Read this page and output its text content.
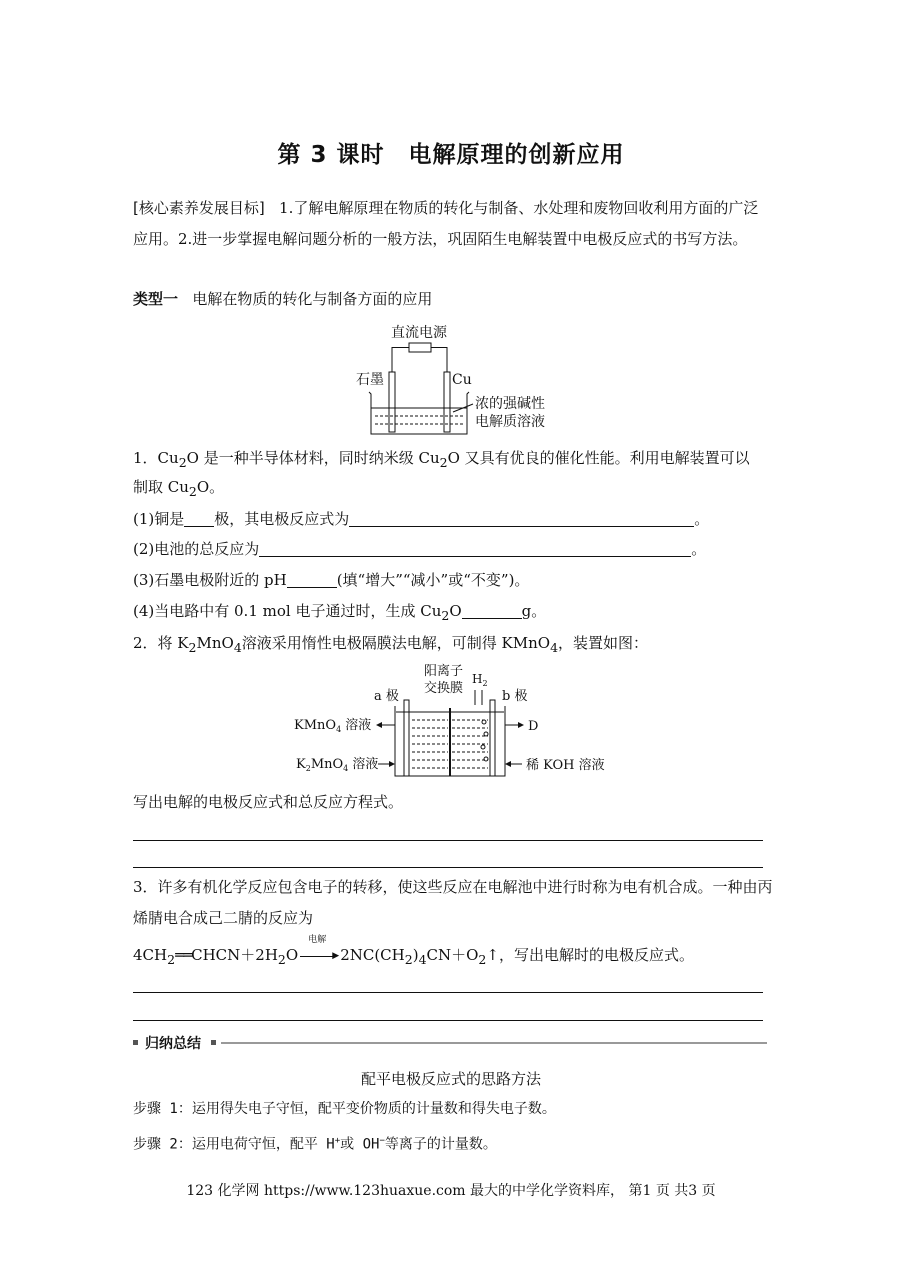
第 3 课时　电解原理的创新应用
[核心素养发展目标] 1.了解电解原理在物质的转化与制备、水处理和废物回收利用方面的广泛应用。2.进一步掌握电解问题分析的一般方法，巩固陌生电解装置中电极反应式的书写方法。
类型一 电解在物质的转化与制备方面的应用
直流电源
石墨	Cu
浓的强碱性
电解质溶液
1．$Cu_2O$ 是一种半导体材料，同时纳米级 $Cu_2O$ 又具有优良的催化性能。利用电解装置可以
制取 $Cu_2O$。
(1)铜是 极，其电极反应式为	。
(2)电池的总反应为	。
(3)石墨电极附近的 pH	(填“增大”“减小”或“不变”)。
(4)当电路中有 0.1 mol 电子通过时，生成 $Cu_2O$	g。
2．将 $K_2MnO_4$溶液采用惰性电极隔膜法电解，可制得 KMnO$_4$，装置如图：
阳离子
交换膜
$H_2$
a 极	b 极
KMnO$_4$ 溶液
$K_2MnO_4$ 溶液
D
稀 KOH 溶液
写出电解的电极反应式和总反应方程式。
3．许多有机化学反应包含电子的转移，使这些反应在电解池中进行时称为电有机合成。一种由丙烯腈电合成己二腈的反应为
$4CH_2══CHCN+2H_2O$
电解
▶ $2NC(CH_2)_4CN+O_2↑$，写出电解时的电极反应式。
归纳总结
配平电极反应式的思路方法
步骤 1：运用得失电子守恒，配平变价物质的计量数和得失电子数。
步骤 2：运用电荷守恒，配平 H+或 OH−等离子的计量数。
123 化学网 https://www.123huaxue.com 最大的中学化学资料库， 第1 页 共3 页
